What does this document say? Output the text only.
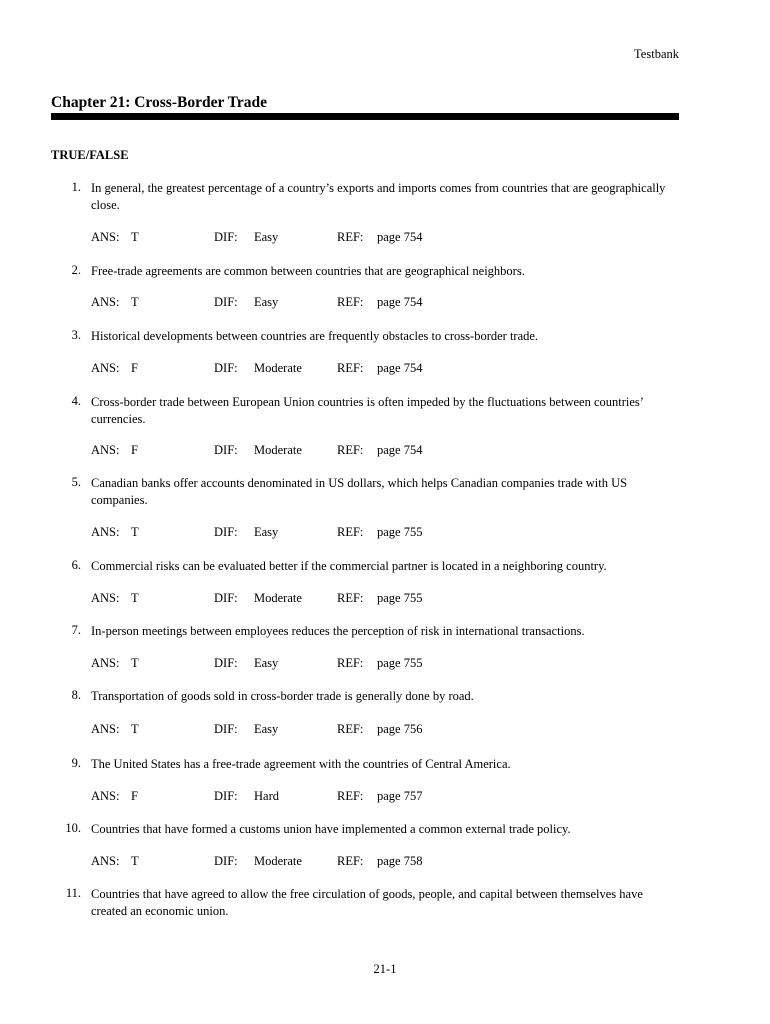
Testbank
Chapter 21: Cross-Border Trade
TRUE/FALSE
1. In general, the greatest percentage of a country’s exports and imports comes from countries that are geographically close.
ANS: T	DIF: Easy	REF: page 754
2. Free-trade agreements are common between countries that are geographical neighbors.
ANS: T	DIF: Easy	REF: page 754
3. Historical developments between countries are frequently obstacles to cross-border trade.
ANS: F	DIF: Moderate	REF: page 754
4. Cross-border trade between European Union countries is often impeded by the fluctuations between countries’ currencies.
ANS: F	DIF: Moderate	REF: page 754
5. Canadian banks offer accounts denominated in US dollars, which helps Canadian companies trade with US companies.
ANS: T	DIF: Easy	REF: page 755
6. Commercial risks can be evaluated better if the commercial partner is located in a neighboring country.
ANS: T	DIF: Moderate	REF: page 755
7. In-person meetings between employees reduces the perception of risk in international transactions.
ANS: T	DIF: Easy	REF: page 755
8. Transportation of goods sold in cross-border trade is generally done by road.
ANS: T	DIF: Easy	REF: page 756
9. The United States has a free-trade agreement with the countries of Central America.
ANS: F	DIF: Hard	REF: page 757
10. Countries that have formed a customs union have implemented a common external trade policy.
ANS: T	DIF: Moderate	REF: page 758
11. Countries that have agreed to allow the free circulation of goods, people, and capital between themselves have created an economic union.
21-1
